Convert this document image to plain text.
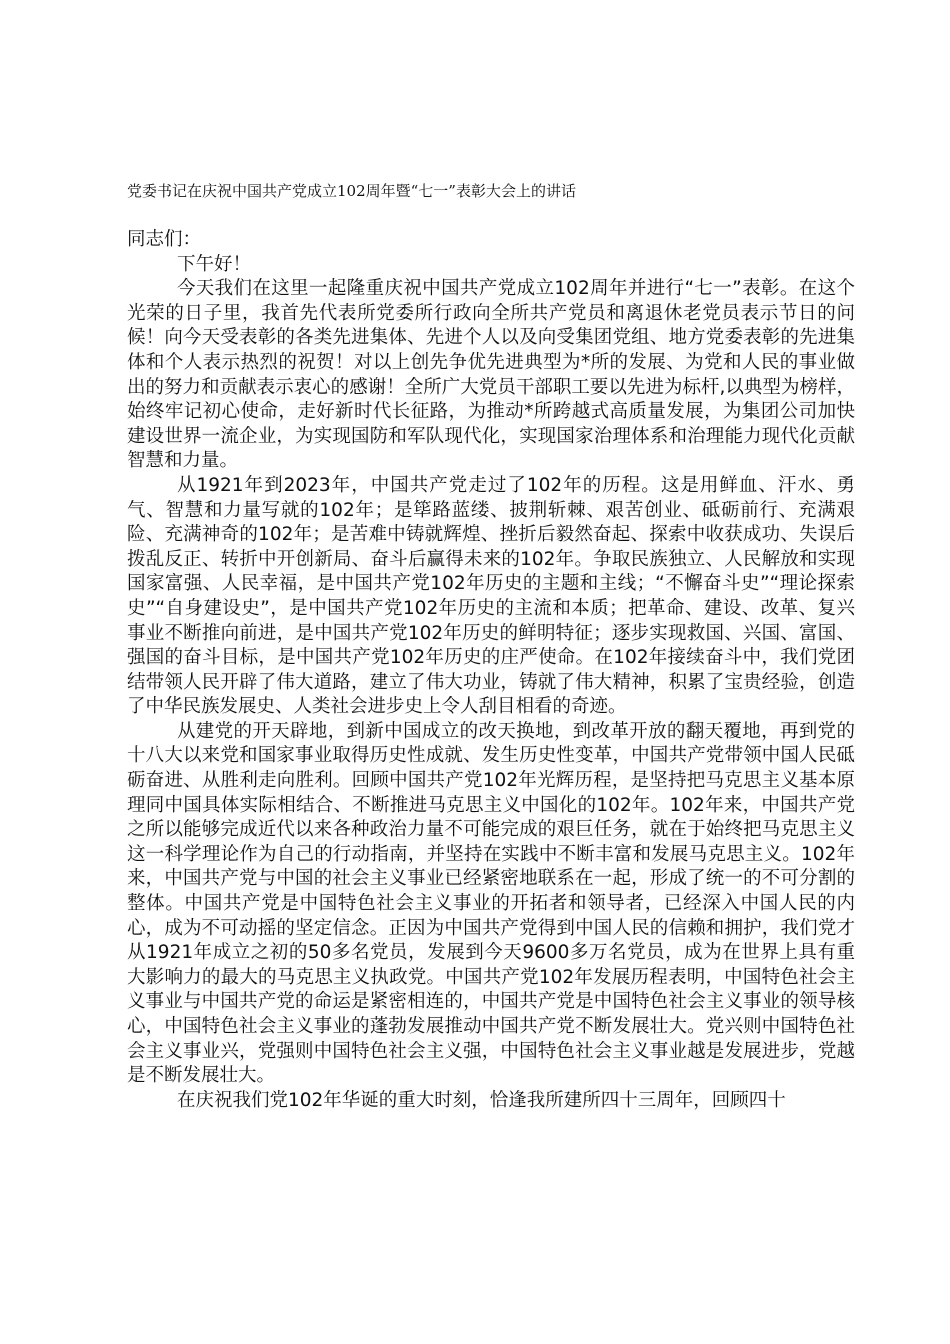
党委书记在庆祝中国共产党成立102周年暨“七一”表彰大会上的讲话

同志们：

下午好！

今天我们在这里一起隆重庆祝中国共产党成立102周年并进行“七一”表彰。在这个光荣的日子里，我首先代表所党委所行政向全所共产党员和离退休老党员表示节日的问候！向今天受表彰的各类先进集体、先进个人以及向受集团党组、地方党委表彰的先进集体和个人表示热烈的祝贺！对以上创先争优先进典型为*所的发展、为党和人民的事业做出的努力和贡献表示衷心的感谢！全所广大党员干部职工要以先进为标杆,以典型为榜样，始终牢记初心使命，走好新时代长征路，为推动*所跨越式高质量发展，为集团公司加快建设世界一流企业，为实现国防和军队现代化，实现国家治理体系和治理能力现代化贡献智慧和力量。

从1921年到2023年，中国共产党走过了102年的历程。这是用鲜血、汗水、勇气、智慧和力量写就的102年；是筚路蓝缕、披荆斩棘、艰苦创业、砥砺前行、充满艰险、充满神奇的102年；是苦难中铸就辉煌、挫折后毅然奋起、探索中收获成功、失误后拨乱反正、转折中开创新局、奋斗后赢得未来的102年。争取民族独立、人民解放和实现国家富强、人民幸福，是中国共产党102年历史的主题和主线；“不懈奋斗史”“理论探索史”“自身建设史”，是中国共产党102年历史的主流和本质；把革命、建设、改革、复兴事业不断推向前进，是中国共产党102年历史的鲜明特征；逐步实现救国、兴国、富国、强国的奋斗目标，是中国共产党102年历史的庄严使命。在102年接续奋斗中，我们党团结带领人民开辟了伟大道路，建立了伟大功业，铸就了伟大精神，积累了宝贵经验，创造了中华民族发展史、人类社会进步史上令人刮目相看的奇迹。

从建党的开天辟地，到新中国成立的改天换地，到改革开放的翻天覆地，再到党的十八大以来党和国家事业取得历史性成就、发生历史性变革，中国共产党带领中国人民砥砺奋进、从胜利走向胜利。回顾中国共产党102年光辉历程，是坚持把马克思主义基本原理同中国具体实际相结合、不断推进马克思主义中国化的102年。102年来，中国共产党之所以能够完成近代以来各种政治力量不可能完成的艰巨任务，就在于始终把马克思主义这一科学理论作为自己的行动指南，并坚持在实践中不断丰富和发展马克思主义。102年来，中国共产党与中国的社会主义事业已经紧密地联系在一起，形成了统一的不可分割的整体。中国共产党是中国特色社会主义事业的开拓者和领导者，已经深入中国人民的内心，成为不可动摇的坚定信念。正因为中国共产党得到中国人民的信赖和拥护，我们党才从1921年成立之初的50多名党员，发展到今天9600多万名党员，成为在世界上具有重大影响力的最大的马克思主义执政党。中国共产党102年发展历程表明，中国特色社会主义事业与中国共产党的命运是紧密相连的，中国共产党是中国特色社会主义事业的领导核心，中国特色社会主义事业的蓬勃发展推动中国共产党不断发展壮大。党兴则中国特色社会主义事业兴，党强则中国特色社会主义强，中国特色社会主义事业越是发展进步，党越是不断发展壮大。

在庆祝我们党102年华诞的重大时刻，恰逢我所建所四十三周年，回顾四十
